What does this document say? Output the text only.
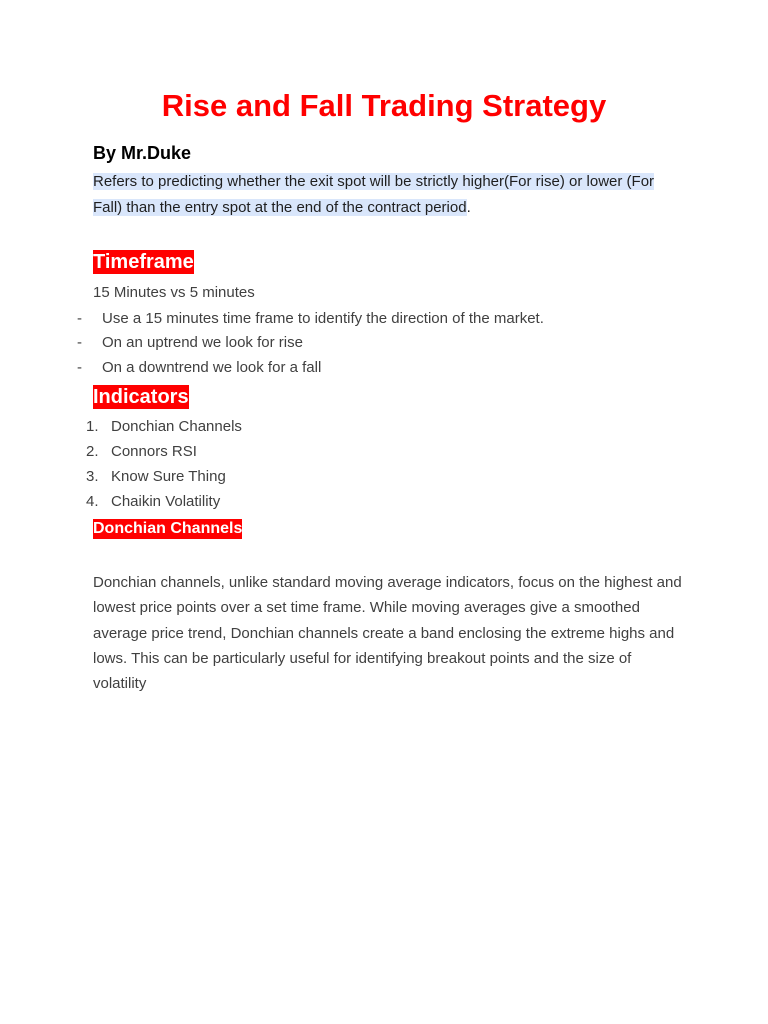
Rise and Fall Trading Strategy
By Mr.Duke
Refers to predicting whether the exit spot will be strictly higher(For rise) or lower (For Fall) than the entry spot at the end of the contract period.
Timeframe
15 Minutes vs 5 minutes
- Use a 15 minutes time frame to identify the direction of the market.
- On an uptrend we look for rise
- On a downtrend we look for a fall
Indicators
1. Donchian Channels
2. Connors RSI
3. Know Sure Thing
4. Chaikin Volatility
Donchian Channels
Donchian channels, unlike standard moving average indicators, focus on the highest and lowest price points over a set time frame. While moving averages give a smoothed average price trend, Donchian channels create a band enclosing the extreme highs and lows. This can be particularly useful for identifying breakout points and the size of volatility
